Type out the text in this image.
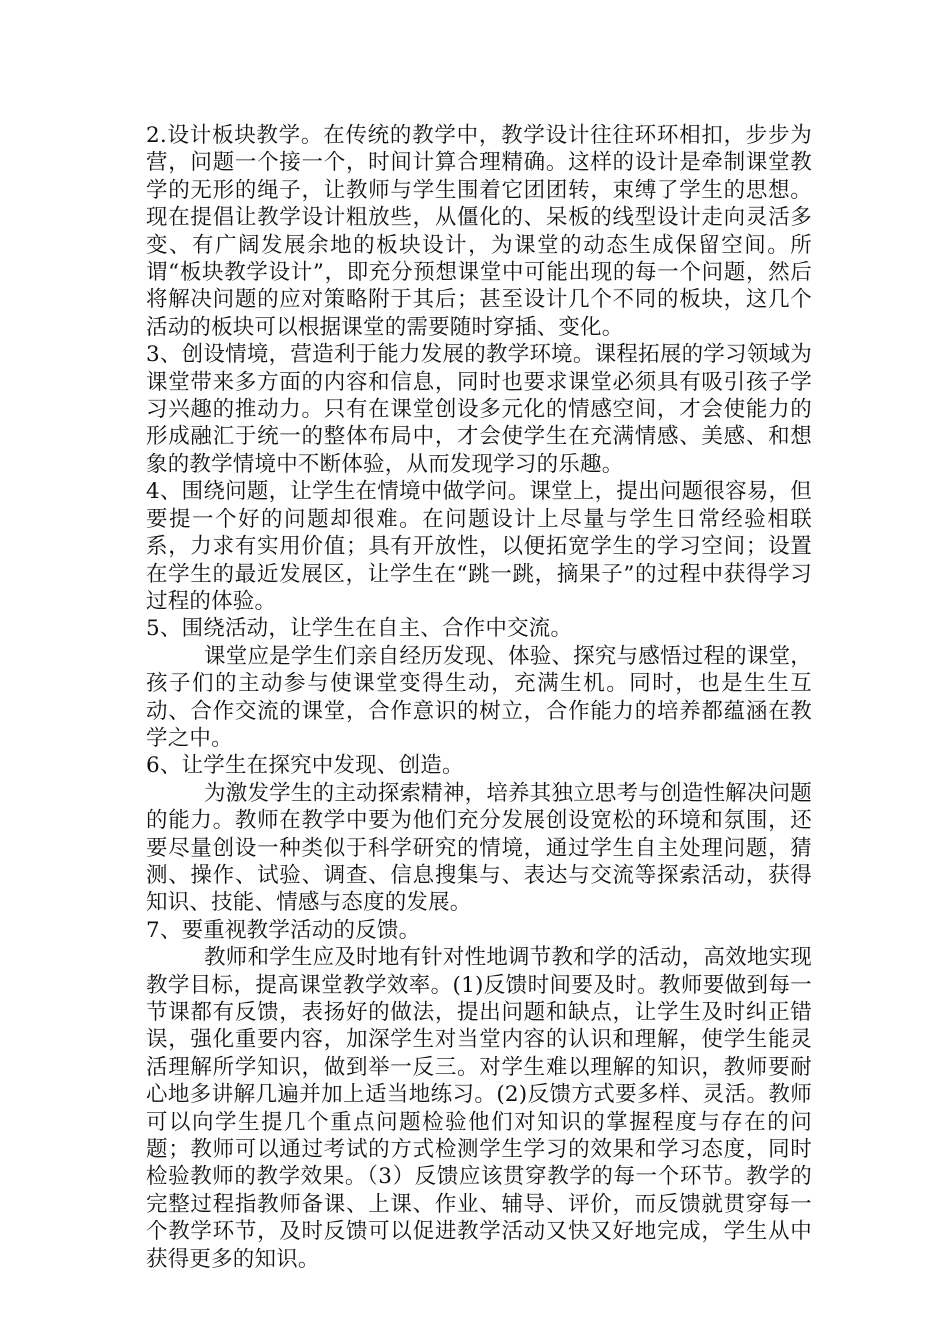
2.设计板块教学。在传统的教学中，教学设计往往环环相扣，步步为营，问题一个接一个，时间计算合理精确。这样的设计是牵制课堂教学的无形的绳子，让教师与学生围着它团团转，束缚了学生的思想。现在提倡让教学设计粗放些，从僵化的、呆板的线型设计走向灵活多变、有广阔发展余地的板块设计，为课堂的动态生成保留空间。所谓“板块教学设计”，即充分预想课堂中可能出现的每一个问题，然后将解决问题的应对策略附于其后；甚至设计几个不同的板块，这几个活动的板块可以根据课堂的需要随时穿插、变化。

3、创设情境，营造利于能力发展的教学环境。课程拓展的学习领域为课堂带来多方面的内容和信息，同时也要求课堂必须具有吸引孩子学习兴趣的推动力。只有在课堂创设多元化的情感空间，才会使能力的形成融汇于统一的整体布局中，才会使学生在充满情感、美感、和想象的教学情境中不断体验，从而发现学习的乐趣。

4、围绕问题，让学生在情境中做学问。课堂上，提出问题很容易，但要提一个好的问题却很难。在问题设计上尽量与学生日常经验相联系，力求有实用价值；具有开放性，以便拓宽学生的学习空间；设置在学生的最近发展区，让学生在“跳一跳，摘果子”的过程中获得学习过程的体验。

5、围绕活动，让学生在自主、合作中交流。

课堂应是学生们亲自经历发现、体验、探究与感悟过程的课堂，孩子们的主动参与使课堂变得生动，充满生机。同时，也是生生互动、合作交流的课堂，合作意识的树立，合作能力的培养都蕴涵在教学之中。

6、让学生在探究中发现、创造。

为激发学生的主动探索精神，培养其独立思考与创造性解决问题的能力。教师在教学中要为他们充分发展创设宽松的环境和氛围，还要尽量创设一种类似于科学研究的情境，通过学生自主处理问题，猜测、操作、试验、调查、信息搜集与、表达与交流等探索活动，获得知识、技能、情感与态度的发展。

7、要重视教学活动的反馈。

教师和学生应及时地有针对性地调节教和学的活动，高效地实现教学目标，提高课堂教学效率。(1)反馈时间要及时。教师要做到每一节课都有反馈，表扬好的做法，提出问题和缺点，让学生及时纠正错误，强化重要内容，加深学生对当堂内容的认识和理解，使学生能灵活理解所学知识，做到举一反三。对学生难以理解的知识，教师要耐心地多讲解几遍并加上适当地练习。(2)反馈方式要多样、灵活。教师可以向学生提几个重点问题检验他们对知识的掌握程度与存在的问题；教师可以通过考试的方式检测学生学习的效果和学习态度，同时检验教师的教学效果。（3）反馈应该贯穿教学的每一个环节。教学的完整过程指教师备课、上课、作业、辅导、评价，而反馈就贯穿每一个教学环节，及时反馈可以促进教学活动又快又好地完成，学生从中获得更多的知识。
